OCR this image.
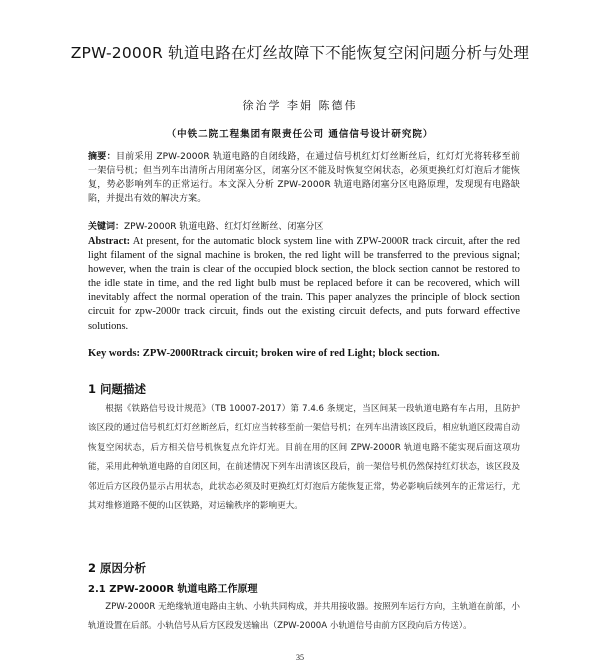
ZPW-2000R 轨道电路在灯丝故障下不能恢复空闲问题分析与处理
徐治学 李娟 陈德伟
（中铁二院工程集团有限责任公司 通信信号设计研究院）
摘要：目前采用 ZPW-2000R 轨道电路的自闭线路，在通过信号机红灯灯丝断丝后，红灯灯光将转移至前一架信号机；但当列车出清所占用闭塞分区，闭塞分区不能及时恢复空闲状态，必须更换红灯灯泡后才能恢复，势必影响列车的正常运行。本文深入分析 ZPW-2000R 轨道电路闭塞分区电路原理，发现现有电路缺陷，并提出有效的解决方案。
关键词：ZPW-2000R 轨道电路、红灯灯丝断丝、闭塞分区
Abstract: At present, for the automatic block system line with ZPW-2000R track circuit, after the red light filament of the signal machine is broken, the red light will be transferred to the previous signal; however, when the train is clear of the occupied block section, the block section cannot be restored to the idle state in time, and the red light bulb must be replaced before it can be recovered, which will inevitably affect the normal operation of the train. This paper analyzes the principle of block section circuit for zpw-2000r track circuit, finds out the existing circuit defects, and puts forward effective solutions.
Key words: ZPW-2000Rtrack circuit; broken wire of red Light; block section.
1 问题描述

根据《铁路信号设计规范》（TB 10007-2017）第 7.4.6 条规定，当区间某一段轨道电路有车占用，且防护该区段的通过信号机红灯灯丝断丝后，红灯应当转移至前一架信号机；在列车出清该区段后，相应轨道区段需自动恢复空闲状态，后方相关信号机恢复点允许灯光。目前在用的区间 ZPW-2000R 轨道电路不能实现后面这项功能，采用此种轨道电路的自闭区间，在前述情况下列车出清该区段后，前一架信号机仍然保持红灯状态，该区段及邻近后方区段仍显示占用状态，此状态必须及时更换红灯灯泡后方能恢复正常，势必影响后续列车的正常运行，尤其对维修道路不便的山区铁路，对运输秩序的影响更大。

2 原因分析
2.1 ZPW-2000R 轨道电路工作原理

ZPW-2000R 无绝缘轨道电路由主轨、小轨共同构成，并共用接收器。按照列车运行方向，主轨道在前部，小轨道设置在后部。小轨信号从后方区段发送输出（ZPW-2000A 小轨道信号由前方区段向后方传送）。

35
